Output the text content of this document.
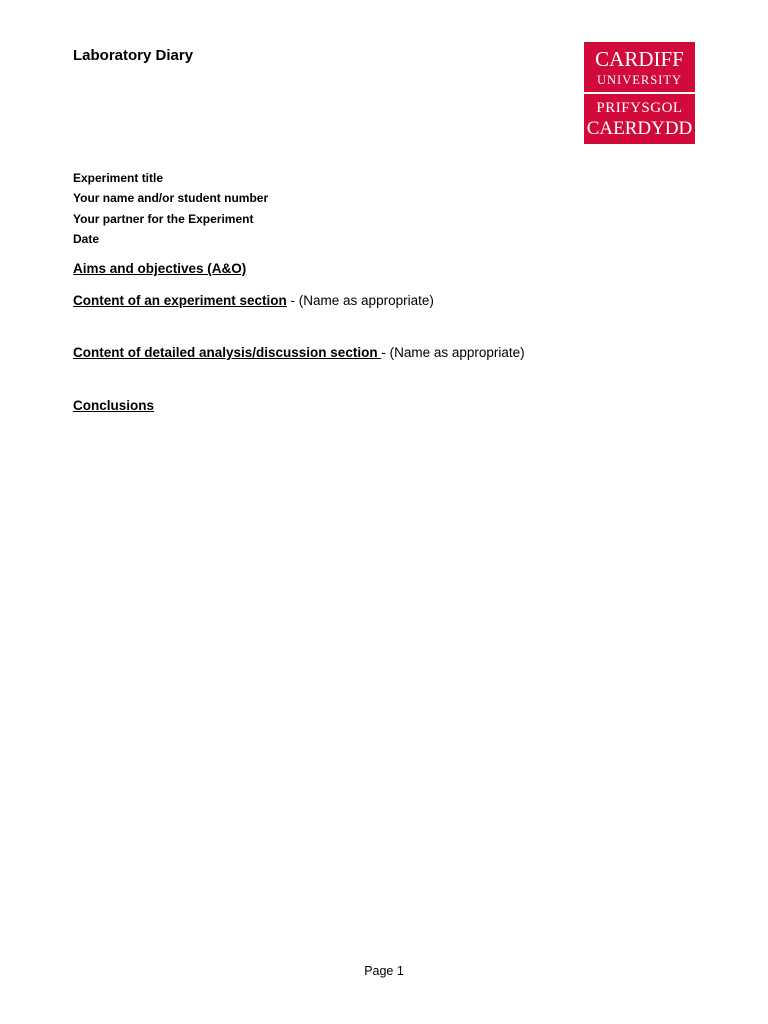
Laboratory Diary	CARDIFF
UNIVERSITY
PRIFYSGOL
CAERDYDD
Experiment title
Your name and/or student number
Your partner for the Experiment
Date
Aims and objectives (A&O)
Content of an experiment section - (Name as appropriate)
Content of detailed analysis/discussion section - (Name as appropriate)
Conclusions
Page 1
